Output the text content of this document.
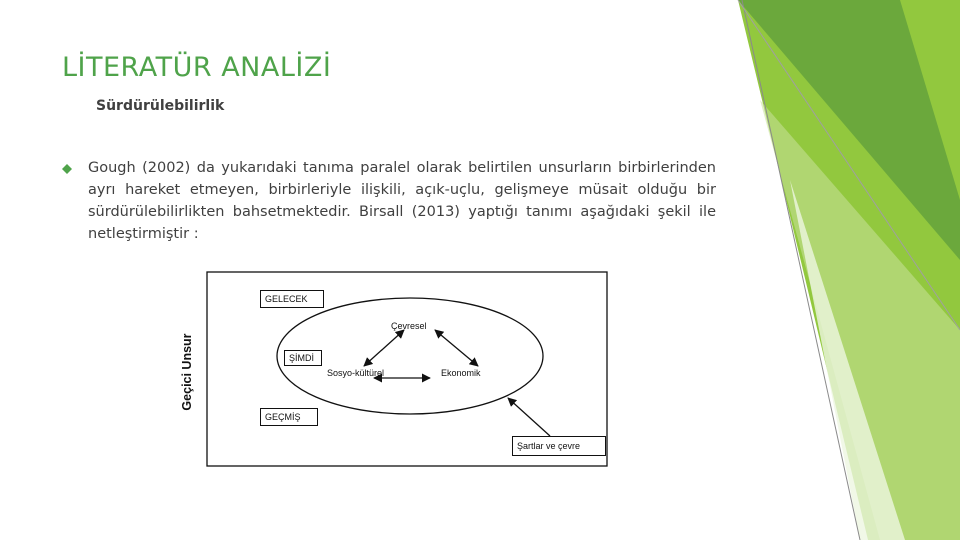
LİTERATÜR ANALİZİ
Sürdürülebilirlik
Gough (2002) da yukarıdaki tanıma paralel olarak belirtilen unsurların birbirlerinden ayrı hareket etmeyen, birbirleriyle ilişkili, açık-uçlu, gelişmeye müsait olduğu bir sürdürülebilirlikten bahsetmektedir. Birsall (2013) yaptığı tanımı aşağıdaki şekil ile netleştirmiştir :
Geçici Unsur
GELECEK
ŞİMDİ
GEÇMİŞ
Çevresel
Sosyo-kültürel	Ekonomik
Şartlar ve çevre
